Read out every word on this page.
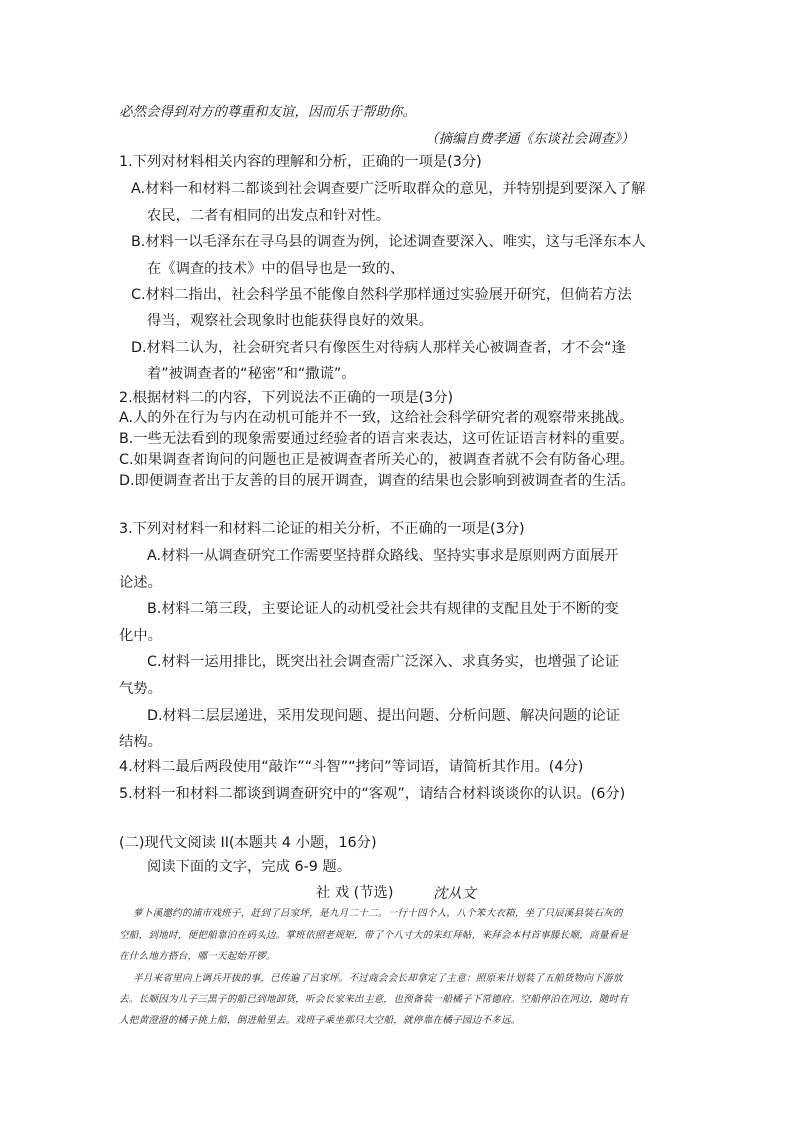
必然会得到对方的尊重和友谊，因而乐于帮助你。
（摘编自费孝通《东谈社会调查》）
1.下列对材料相关内容的理解和分析，正确的一项是(3分)
A.材料一和材料二都谈到社会调查要广泛听取群众的意见，并特别提到要深入了解
农民，二者有相同的出发点和针对性。
B.材料一以毛泽东在寻乌县的调查为例，论述调查要深入、唯实，这与毛泽东本人
在《调查的技术》中的倡导也是一致的、
C.材料二指出，社会科学虽不能像自然科学那样通过实验展开研究，但倘若方法
得当，观察社会现象时也能获得良好的效果。
D.材料二认为，社会研究者只有像医生对待病人那样关心被调查者，才不会“逢
着”被调查者的“秘密”和“撒谎”。
2.根据材料二的内容，下列说法不正确的一项是(3分)
A.人的外在行为与内在动机可能并不一致，这给社会科学研究者的观察带来挑战。
B.一些无法看到的现象需要通过经验者的语言来表达，这可佐证语言材料的重要。
C.如果调查者询问的问题也正是被调查者所关心的，被调查者就不会有防备心理。
D.即便调查者出于友善的目的展开调查，调查的结果也会影响到被调查者的生活。
3.下列对材料一和材料二论证的相关分析，不正确的一项是(3分)
A.材料一从调查研究工作需要坚持群众路线、坚持实事求是原则两方面展开
论述。
B.材料二第三段，主要论证人的动机受社会共有规律的支配且处于不断的变
化中。
C.材料一运用排比，既突出社会调查需广泛深入、求真务实，也增强了论证
气势。
D.材料二层层递进，采用发现问题、提出问题、分析问题、解决问题的论证
结构。
4.材料二最后两段使用“敲诈”“斗智”“拷问”等词语，请简析其作用。(4分)
5.材料一和材料二都谈到调查研究中的“客观”，请结合材料谈谈你的认识。(6分)
(二)现代文阅读 II(本题共 4 小题，16分)
阅读下面的文字，完成 6-9 题。
社 戏 (节选)	沈从文
萝卜溪邀约的浦市戏班子，赶到了吕家坪，是九月二十二。一行十四个人，八个笨大衣箱，坐了只辰溪县装石灰的
空船，到地时，便把船靠泊在码头边。掌班依照老规矩，带了个八寸大的朱红拜帖，来拜会本村首事滕长顺，商量看是
在什么地方搭台，哪一天起始开锣。
半月来省里向上调兵开拔的事，已传遍了吕家坪。不过商会会长却拿定了主意：照原来计划装了五船货物向下游放
去。长顺因为儿子三黑子的船已到地卸货，听会长家来出主意，也预备装一船橘子下常德府。空船停泊在河边，随时有
人把黄澄澄的橘子挑上船，倒进舱里去。戏班子乘坐那只大空船，就停靠在橘子园边不多远。
